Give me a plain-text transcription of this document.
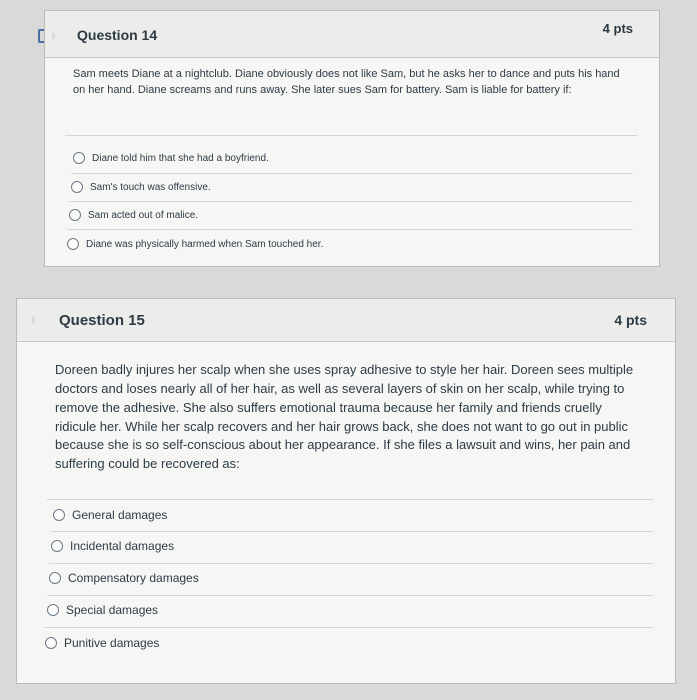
Question 14	4 pts
Sam meets Diane at a nightclub. Diane obviously does not like Sam, but he asks her to dance and puts his hand on her hand. Diane screams and runs away. She later sues Sam for battery. Sam is liable for battery if:
Diane told him that she had a boyfriend.
Sam's touch was offensive.
Sam acted out of malice.
Diane was physically harmed when Sam touched her.
Question 15	4 pts
Doreen badly injures her scalp when she uses spray adhesive to style her hair. Doreen sees multiple doctors and loses nearly all of her hair, as well as several layers of skin on her scalp, while trying to remove the adhesive. She also suffers emotional trauma because her family and friends cruelly ridicule her. While her scalp recovers and her hair grows back, she does not want to go out in public because she is so self-conscious about her appearance. If she files a lawsuit and wins, her pain and suffering could be recovered as:
General damages
Incidental damages
Compensatory damages
Special damages
Punitive damages
